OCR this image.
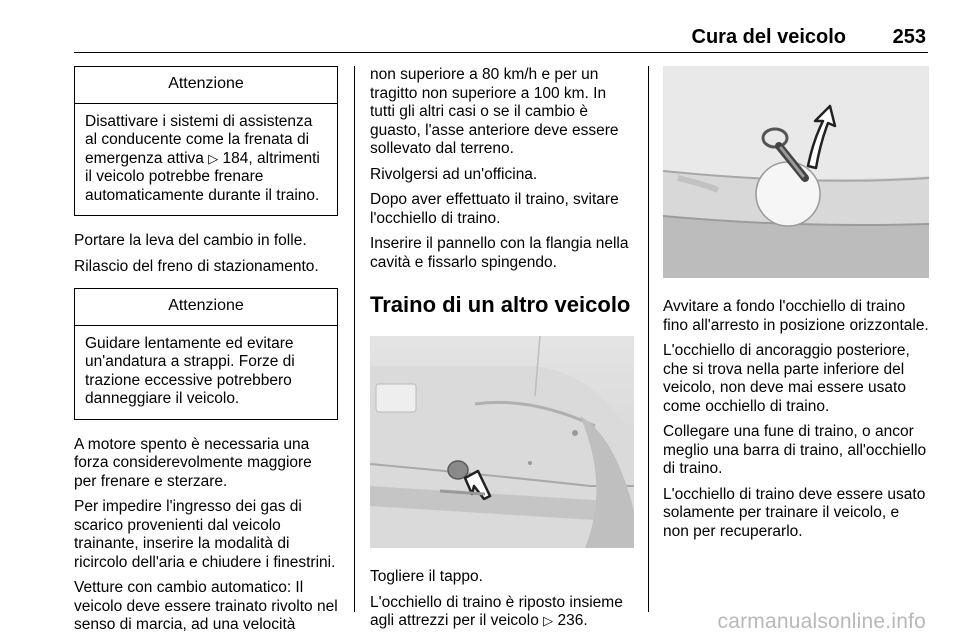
Cura del veicolo 253
Attenzione
Disattivare i sistemi di assistenza al conducente come la frenata di emergenza attiva ▷ 184, altrimenti il veicolo potrebbe frenare automaticamente durante il traino.

Portare la leva del cambio in folle.

Rilascio del freno di stazionamento.

Attenzione
Guidare lentamente ed evitare un'andatura a strappi. Forze di trazione eccessive potrebbero danneggiare il veicolo.

A motore spento è necessaria una forza considerevolmente maggiore per frenare e sterzare.

Per impedire l'ingresso dei gas di scarico provenienti dal veicolo trainante, inserire la modalità di ricircolo dell'aria e chiudere i finestrini.

Vetture con cambio automatico: Il veicolo deve essere trainato rivolto nel senso di marcia, ad una velocità

non superiore a 80 km/h e per un tragitto non superiore a 100 km. In tutti gli altri casi o se il cambio è guasto, l'asse anteriore deve essere sollevato dal terreno.

Rivolgersi ad un'officina.

Dopo aver effettuato il traino, svitare l'occhiello di traino.

Inserire il pannello con la flangia nella cavità e fissarlo spingendo.

Traino di un altro veicolo

Togliere il tappo.

L'occhiello di traino è riposto insieme agli attrezzi per il veicolo ▷ 236.

Avvitare a fondo l'occhiello di traino fino all'arresto in posizione orizzontale.

L'occhiello di ancoraggio posteriore, che si trova nella parte inferiore del veicolo, non deve mai essere usato come occhiello di traino.

Collegare una fune di traino, o ancor meglio una barra di traino, all'occhiello di traino.

L'occhiello di traino deve essere usato solamente per trainare il veicolo, e non per recuperarlo.

carmanualsonline.info
